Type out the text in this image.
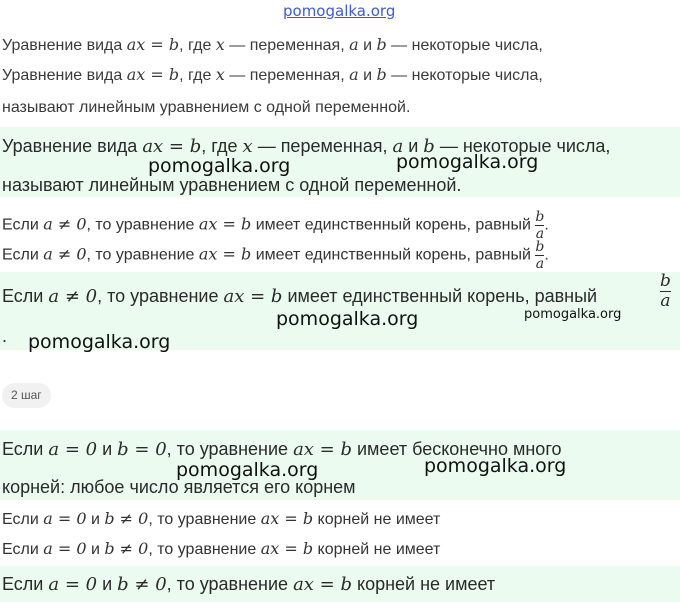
pomogalka.org
Уравнение вида ax = b, где x — переменная, a и b — некоторые числа,
Уравнение вида ax = b, где x — переменная, a и b — некоторые числа,
называют линейным уравнением с одной переменной.
Уравнение вида ax = b, где x — переменная, a и b — некоторые числа,
называют линейным уравнением с одной переменной.
pomogalka.org	pomogalka.org
Если a ≠ 0, то уравнение ax = b имеет единственный корень, равный $\frac{b}{a}$ .
Если a ≠ 0, то уравнение ax = b имеет единственный корень, равный $\frac{b}{a}$ .
Если a ≠ 0, то уравнение ax = b имеет единственный корень, равный
b
a
.
pomogalka.org	pomogalka.org
pomogalka.org
2 шаг
Если a = 0 и b = 0, то уравнение ax = b имеет бесконечно много
корней: любое число является его корнем
pomogalka.org	pomogalka.org
Если a = 0 и b ≠ 0, то уравнение ax = b корней не имеет
Если a = 0 и b ≠ 0, то уравнение ax = b корней не имеет
Если a = 0 и b ≠ 0, то уравнение ax = b корней не имеет
